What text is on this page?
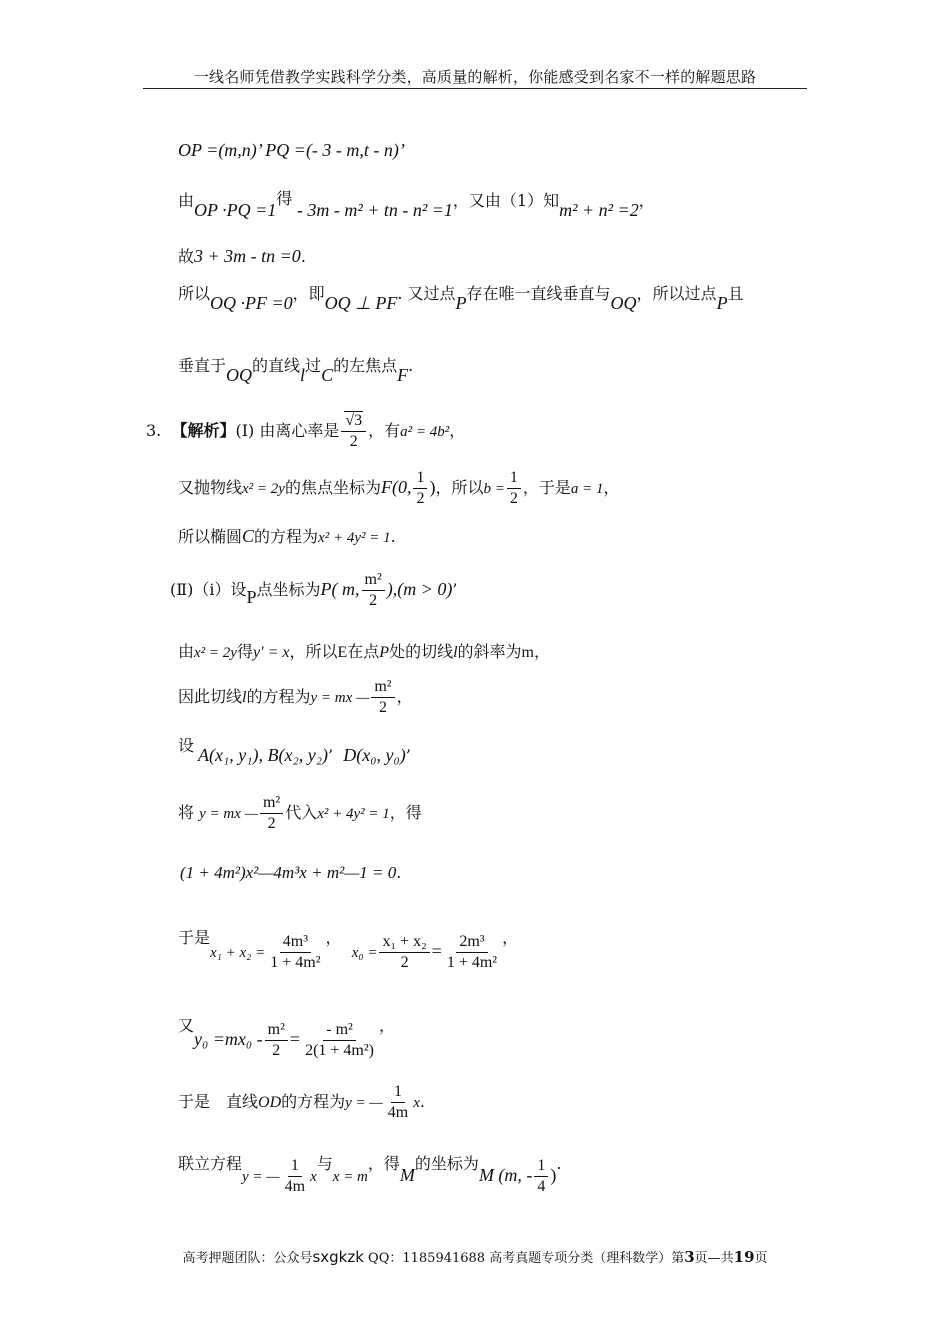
一线名师凭借教学实践科学分类，高质量的解析，你能感受到名家不一样的解题思路
OP =(m,n)’ PQ =(- 3 - m,t - n)’
由OP ·PQ =1得 - 3m - m² + tn - n² =1，又由（1）知m² + n² =2，
故3 + 3m - tn =0.
所以OQ ·PF =0，即OQ ⊥ PF. 又过点P存在唯一直线垂直与OQ，所以过点P且
垂直于OQ的直线l过C的左焦点F.
3. 【解析】(Ⅰ) 由离心率是 $\frac{√3}{2}$ ，有a² = 4b²，
又抛物线x² = 2y的焦点坐标为F(0, $\frac{1}{2}$ )，所以$b = \frac{1}{2}$ ，于是a = 1，
所以椭圆C的方程为x² + 4y² = 1.
(Ⅱ)（i）设P点坐标为P( m, $\frac{\text{m²}}{2} ),(m > 0)$’
由x² = 2y得y′ = x，所以E在点P处的切线l的斜率为m，
因此切线l的方程为y = mx — $\frac{\text{m²}}{2}$ ，
设 A(x₁, y₁), B(x₂, y₂)’ D(x₀, y₀)’
将 y = mx — $\frac{\text{m²}}{2}$ 代入x² + 4y² = 1，得
(1 + 4m²)x²—4m³x + m²—1 = 0.
于是$x_1 + x_2 = \frac{\text{4m³}}{\text{1 + 4m²}}$ ，  $x_0 = \frac{\text{x₁ + x₂}}{2} = \frac{\text{2m³}}{\text{1 + 4m²}}$ ，
又$y_0 =mx_0 - \frac{\text{m²}}{2} = \frac{\text{- m²}}{\text{2(1 + 4m²)}}$ ，
于是　直线OD的方程为y = — $\frac{1}{4m} x$.
联立方程y = — $\frac{1}{4m}$ x与x = m，得M的坐标为M (m, - $\frac{1}{4}$ ).
高考押题团队：公众号sxgkzk QQ：1185941688 高考真题专项分类（理科数学）第3页—共19页
